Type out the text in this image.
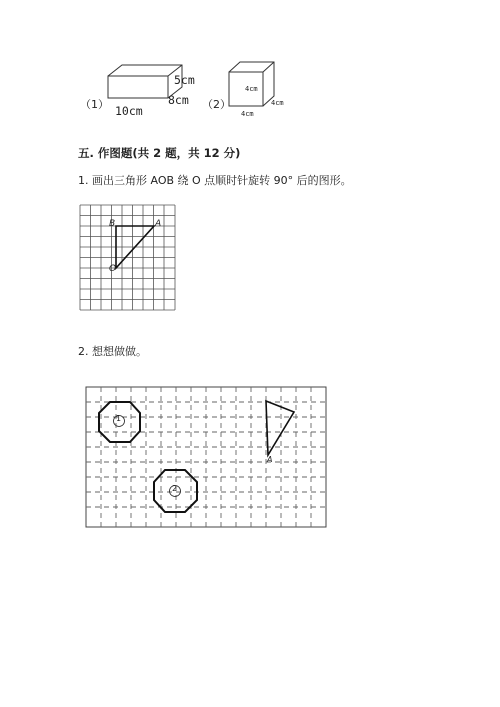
（1）
5cm
8cm
10cm	（2）
4cm
4cm
4cm
五. 作图题(共 2 题，共 12 分)
1. 画出三角形 AOB 绕 O 点顺时针旋转 90° 后的图形。
B	A
O
2. 想想做做。
1
2
A
